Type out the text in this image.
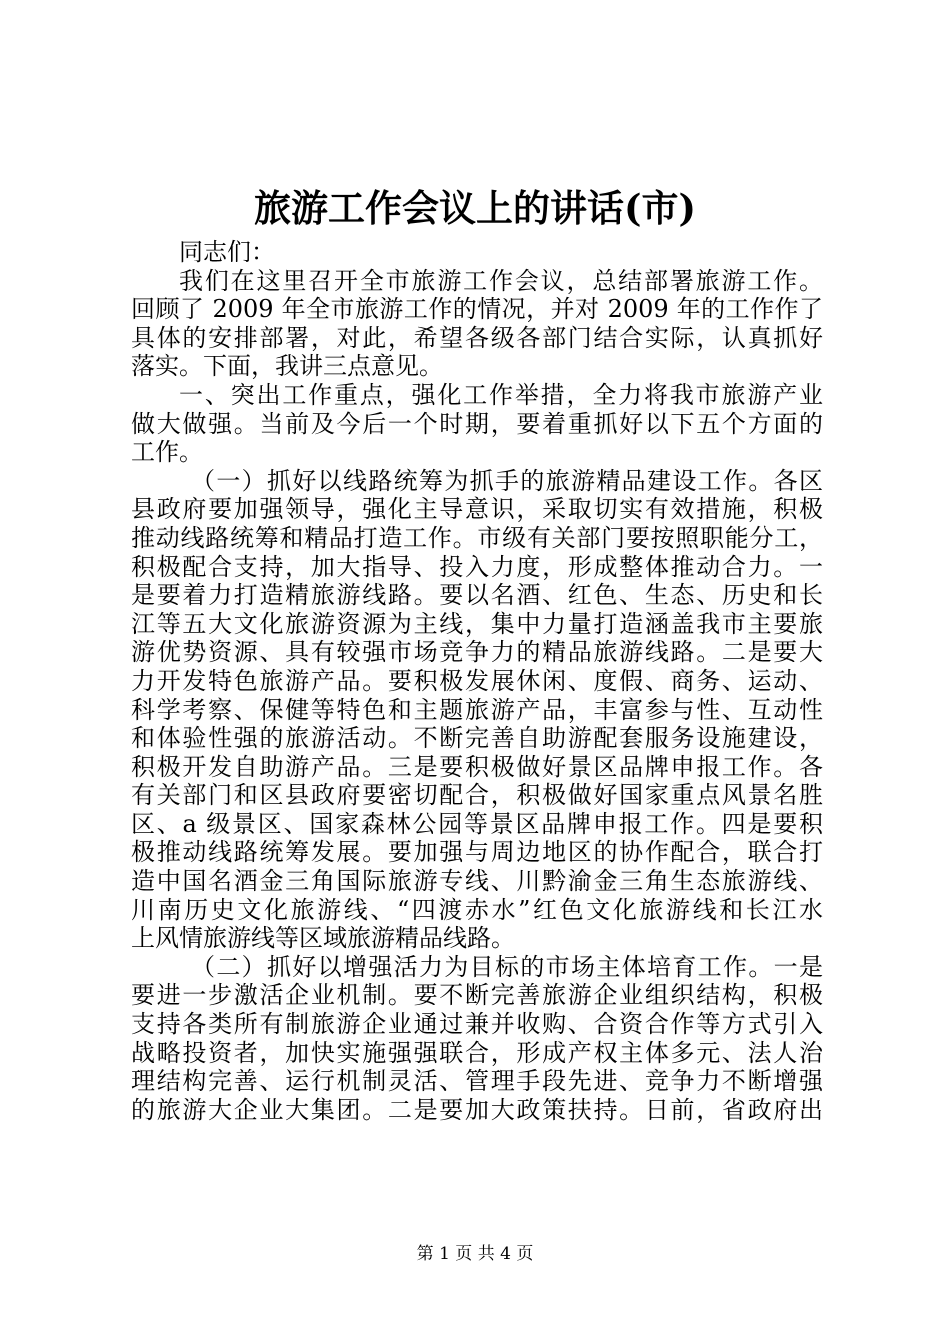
旅游工作会议上的讲话(市)
同志们：
我们在这里召开全市旅游工作会议，总结部署旅游工作。
回顾了 2009 年全市旅游工作的情况，并对 2009 年的工作作了
具体的安排部署，对此，希望各级各部门结合实际，认真抓好
落实。下面，我讲三点意见。
一、突出工作重点，强化工作举措，全力将我市旅游产业
做大做强。当前及今后一个时期，要着重抓好以下五个方面的
工作。
（一）抓好以线路统筹为抓手的旅游精品建设工作。各区
县政府要加强领导，强化主导意识，采取切实有效措施，积极
推动线路统筹和精品打造工作。市级有关部门要按照职能分工，
积极配合支持，加大指导、投入力度，形成整体推动合力。一
是要着力打造精旅游线路。要以名酒、红色、生态、历史和长
江等五大文化旅游资源为主线，集中力量打造涵盖我市主要旅
游优势资源、具有较强市场竞争力的精品旅游线路。二是要大
力开发特色旅游产品。要积极发展休闲、度假、商务、运动、
科学考察、保健等特色和主题旅游产品，丰富参与性、互动性
和体验性强的旅游活动。不断完善自助游配套服务设施建设，
积极开发自助游产品。三是要积极做好景区品牌申报工作。各
有关部门和区县政府要密切配合，积极做好国家重点风景名胜
区、a 级景区、国家森林公园等景区品牌申报工作。四是要积
极推动线路统筹发展。要加强与周边地区的协作配合，联合打
造中国名酒金三角国际旅游专线、川黔渝金三角生态旅游线、
川南历史文化旅游线、“四渡赤水”红色文化旅游线和长江水
上风情旅游线等区域旅游精品线路。
（二）抓好以增强活力为目标的市场主体培育工作。一是
要进一步激活企业机制。要不断完善旅游企业组织结构，积极
支持各类所有制旅游企业通过兼并收购、合资合作等方式引入
战略投资者，加快实施强强联合，形成产权主体多元、法人治
理结构完善、运行机制灵活、管理手段先进、竞争力不断增强
的旅游大企业大集团。二是要加大政策扶持。日前，省政府出
第 1 页 共 4 页
